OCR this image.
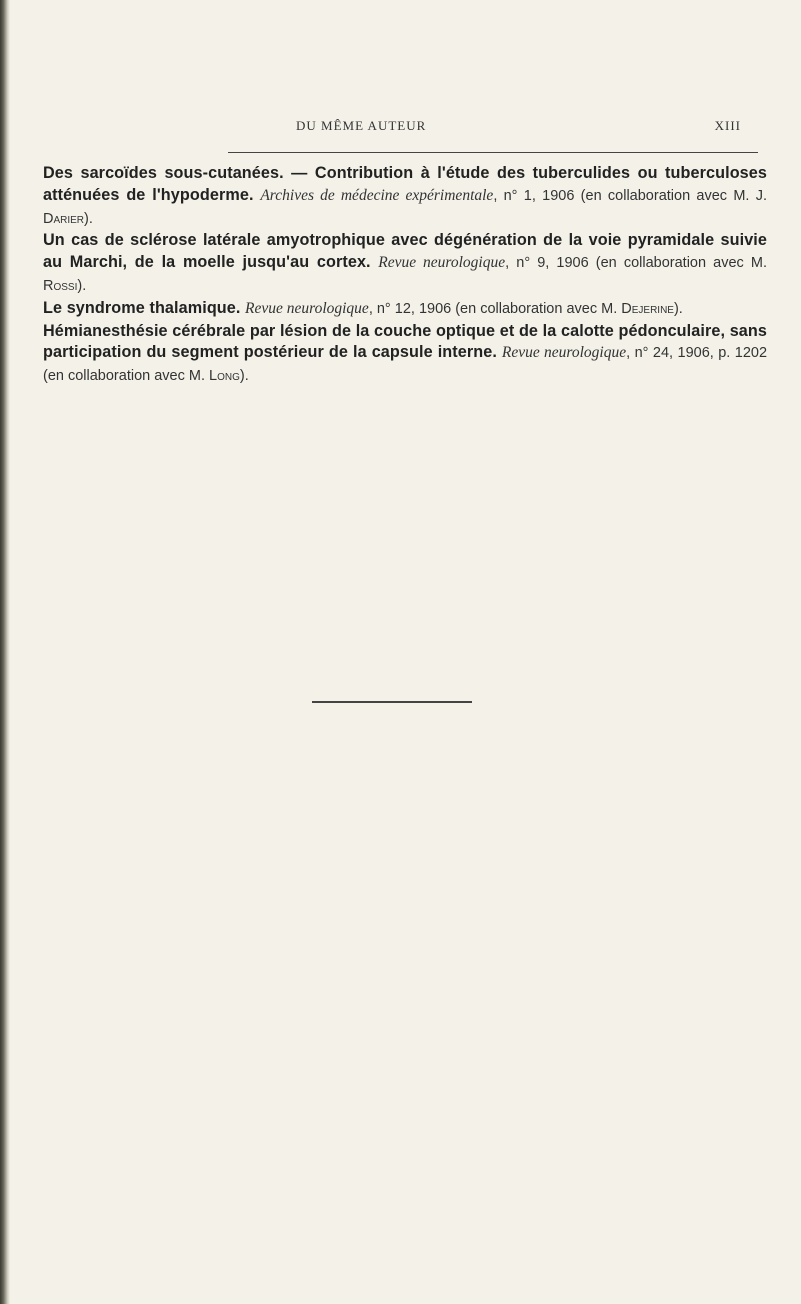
DU MÊME AUTEUR	XIII

Des sarcoïdes sous-cutanées. — Contribution à l'étude des tuberculides ou tuberculoses atténuées de l'hypoderme. Archives de médecine expérimentale, n° 1, 1906 (en collaboration avec M. J. Darier).

Un cas de sclérose latérale amyotrophique avec dégénération de la voie pyramidale suivie au Marchi, de la moelle jusqu'au cortex. Revue neurologique, n° 9, 1906 (en collaboration avec M. Rossi).

Le syndrome thalamique. Revue neurologique, n° 12, 1906 (en collaboration avec M. Dejerine).

Hémianesthésie cérébrale par lésion de la couche optique et de la calotte pédonculaire, sans participation du segment postérieur de la capsule interne. Revue neurologique, n° 24, 1906, p. 1202 (en collaboration avec M. Long).
